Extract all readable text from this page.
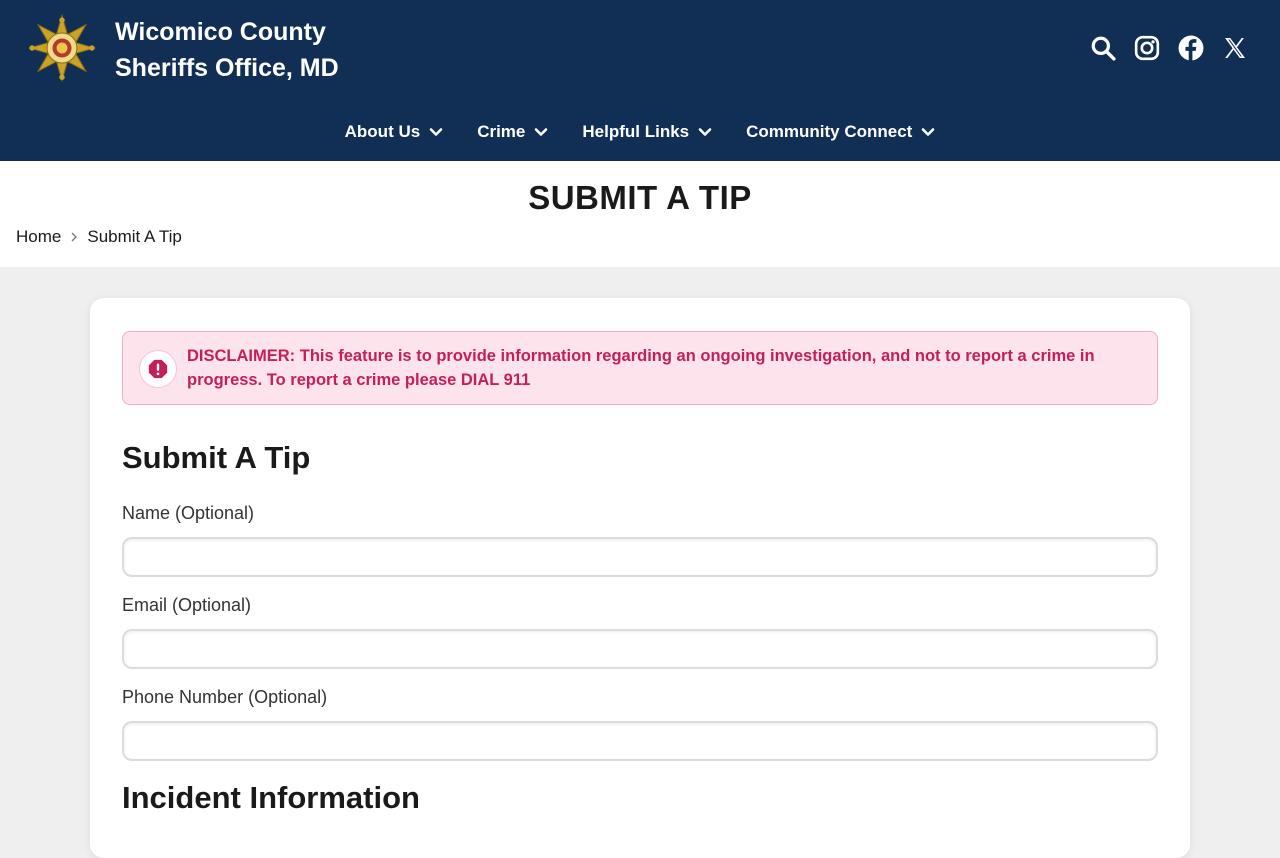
Wicomico County
Sheriffs Office, MD
About Us	Crime	Helpful Links	Community Connect
SUBMIT A TIP
Home Submit A Tip
DISCLAIMER: This feature is to provide information regarding an ongoing investigation, and not to report a crime in progress. To report a crime please DIAL 911
Submit A Tip
Name (Optional)
Email (Optional)
Phone Number (Optional)
Incident Information
